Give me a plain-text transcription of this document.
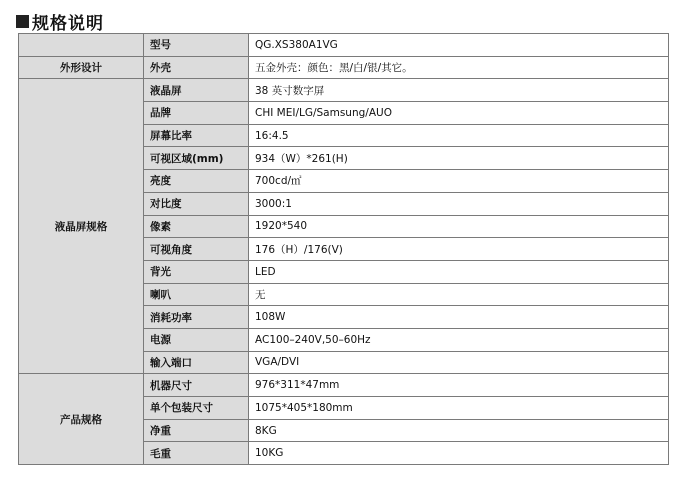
规格说明
	型号	QG.XS380A1VG
外形设计	外壳	五金外壳：颜色：黑/白/银/其它。
液晶屏规格	液晶屏	38 英寸数字屏
	品牌	CHI MEI/LG/Samsung/AUO
	屏幕比率	16:4.5
	可视区域(mm)	934（W）*261(H)
	亮度	700cd/㎡
	对比度	3000:1
	像素	1920*540
	可视角度	176（H）/176(V)
	背光	LED
	喇叭	无
	消耗功率	108W
	电源	AC100–240V,50–60Hz
	输入端口	VGA/DVI
产品规格	机器尺寸	976*311*47mm
	单个包装尺寸	1075*405*180mm
	净重	8KG
	毛重	10KG
